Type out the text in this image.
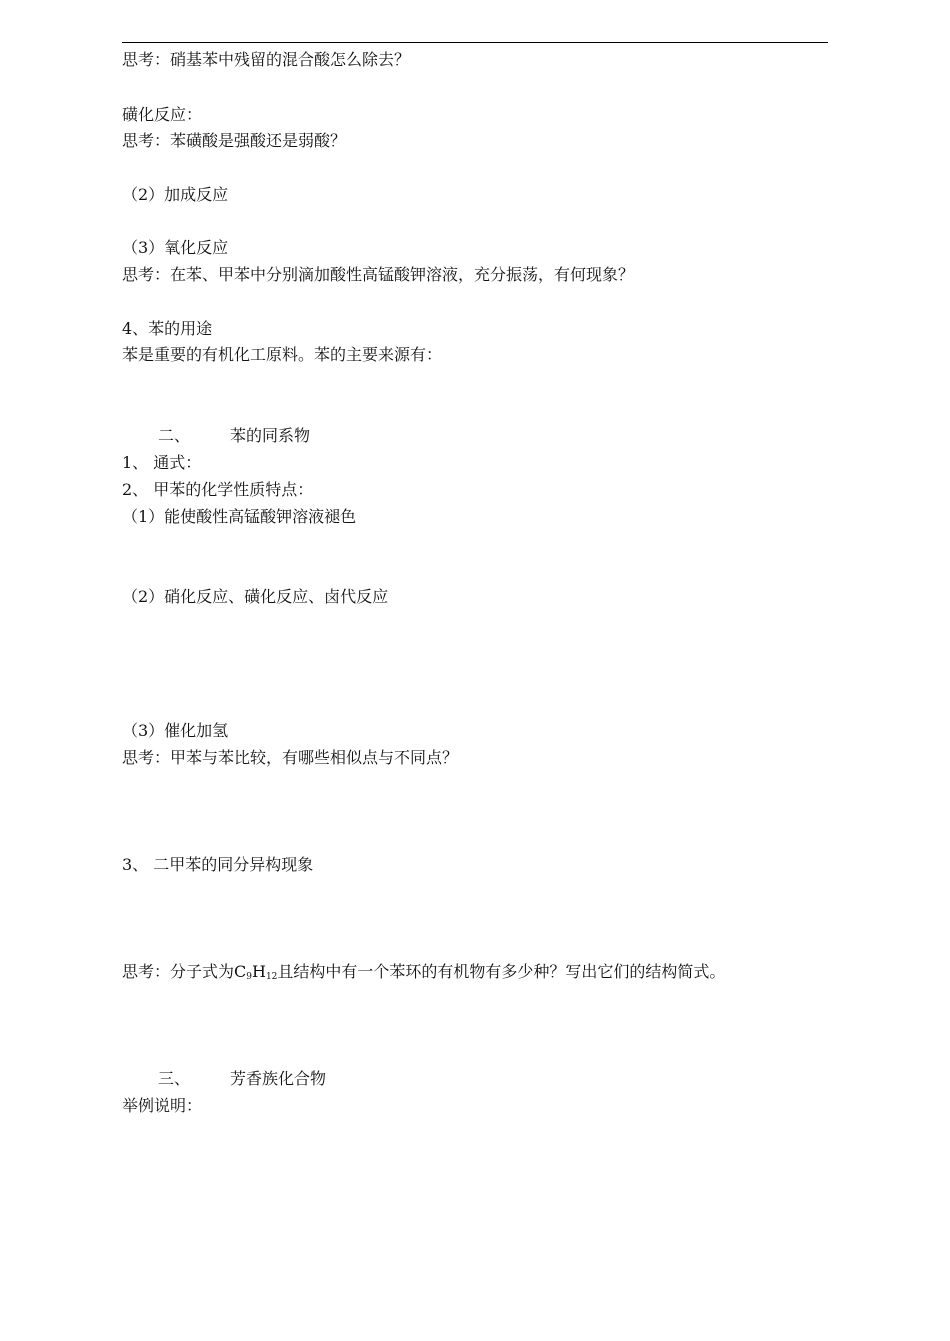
思考：硝基苯中残留的混合酸怎么除去？
磺化反应：
思考：苯磺酸是强酸还是弱酸？
（2）加成反应
（3）氧化反应
思考：在苯、甲苯中分别滴加酸性高锰酸钾溶液，充分振荡，有何现象？
4、苯的用途
苯是重要的有机化工原料。苯的主要来源有：
二、 苯的同系物
1、 通式：
2、 甲苯的化学性质特点：
（1）能使酸性高锰酸钾溶液褪色
（2）硝化反应、磺化反应、卤代反应
（3）催化加氢
思考：甲苯与苯比较，有哪些相似点与不同点？
3、 二甲苯的同分异构现象
思考：分子式为C9H12且结构中有一个苯环的有机物有多少种？写出它们的结构简式。
三、 芳香族化合物
举例说明：
